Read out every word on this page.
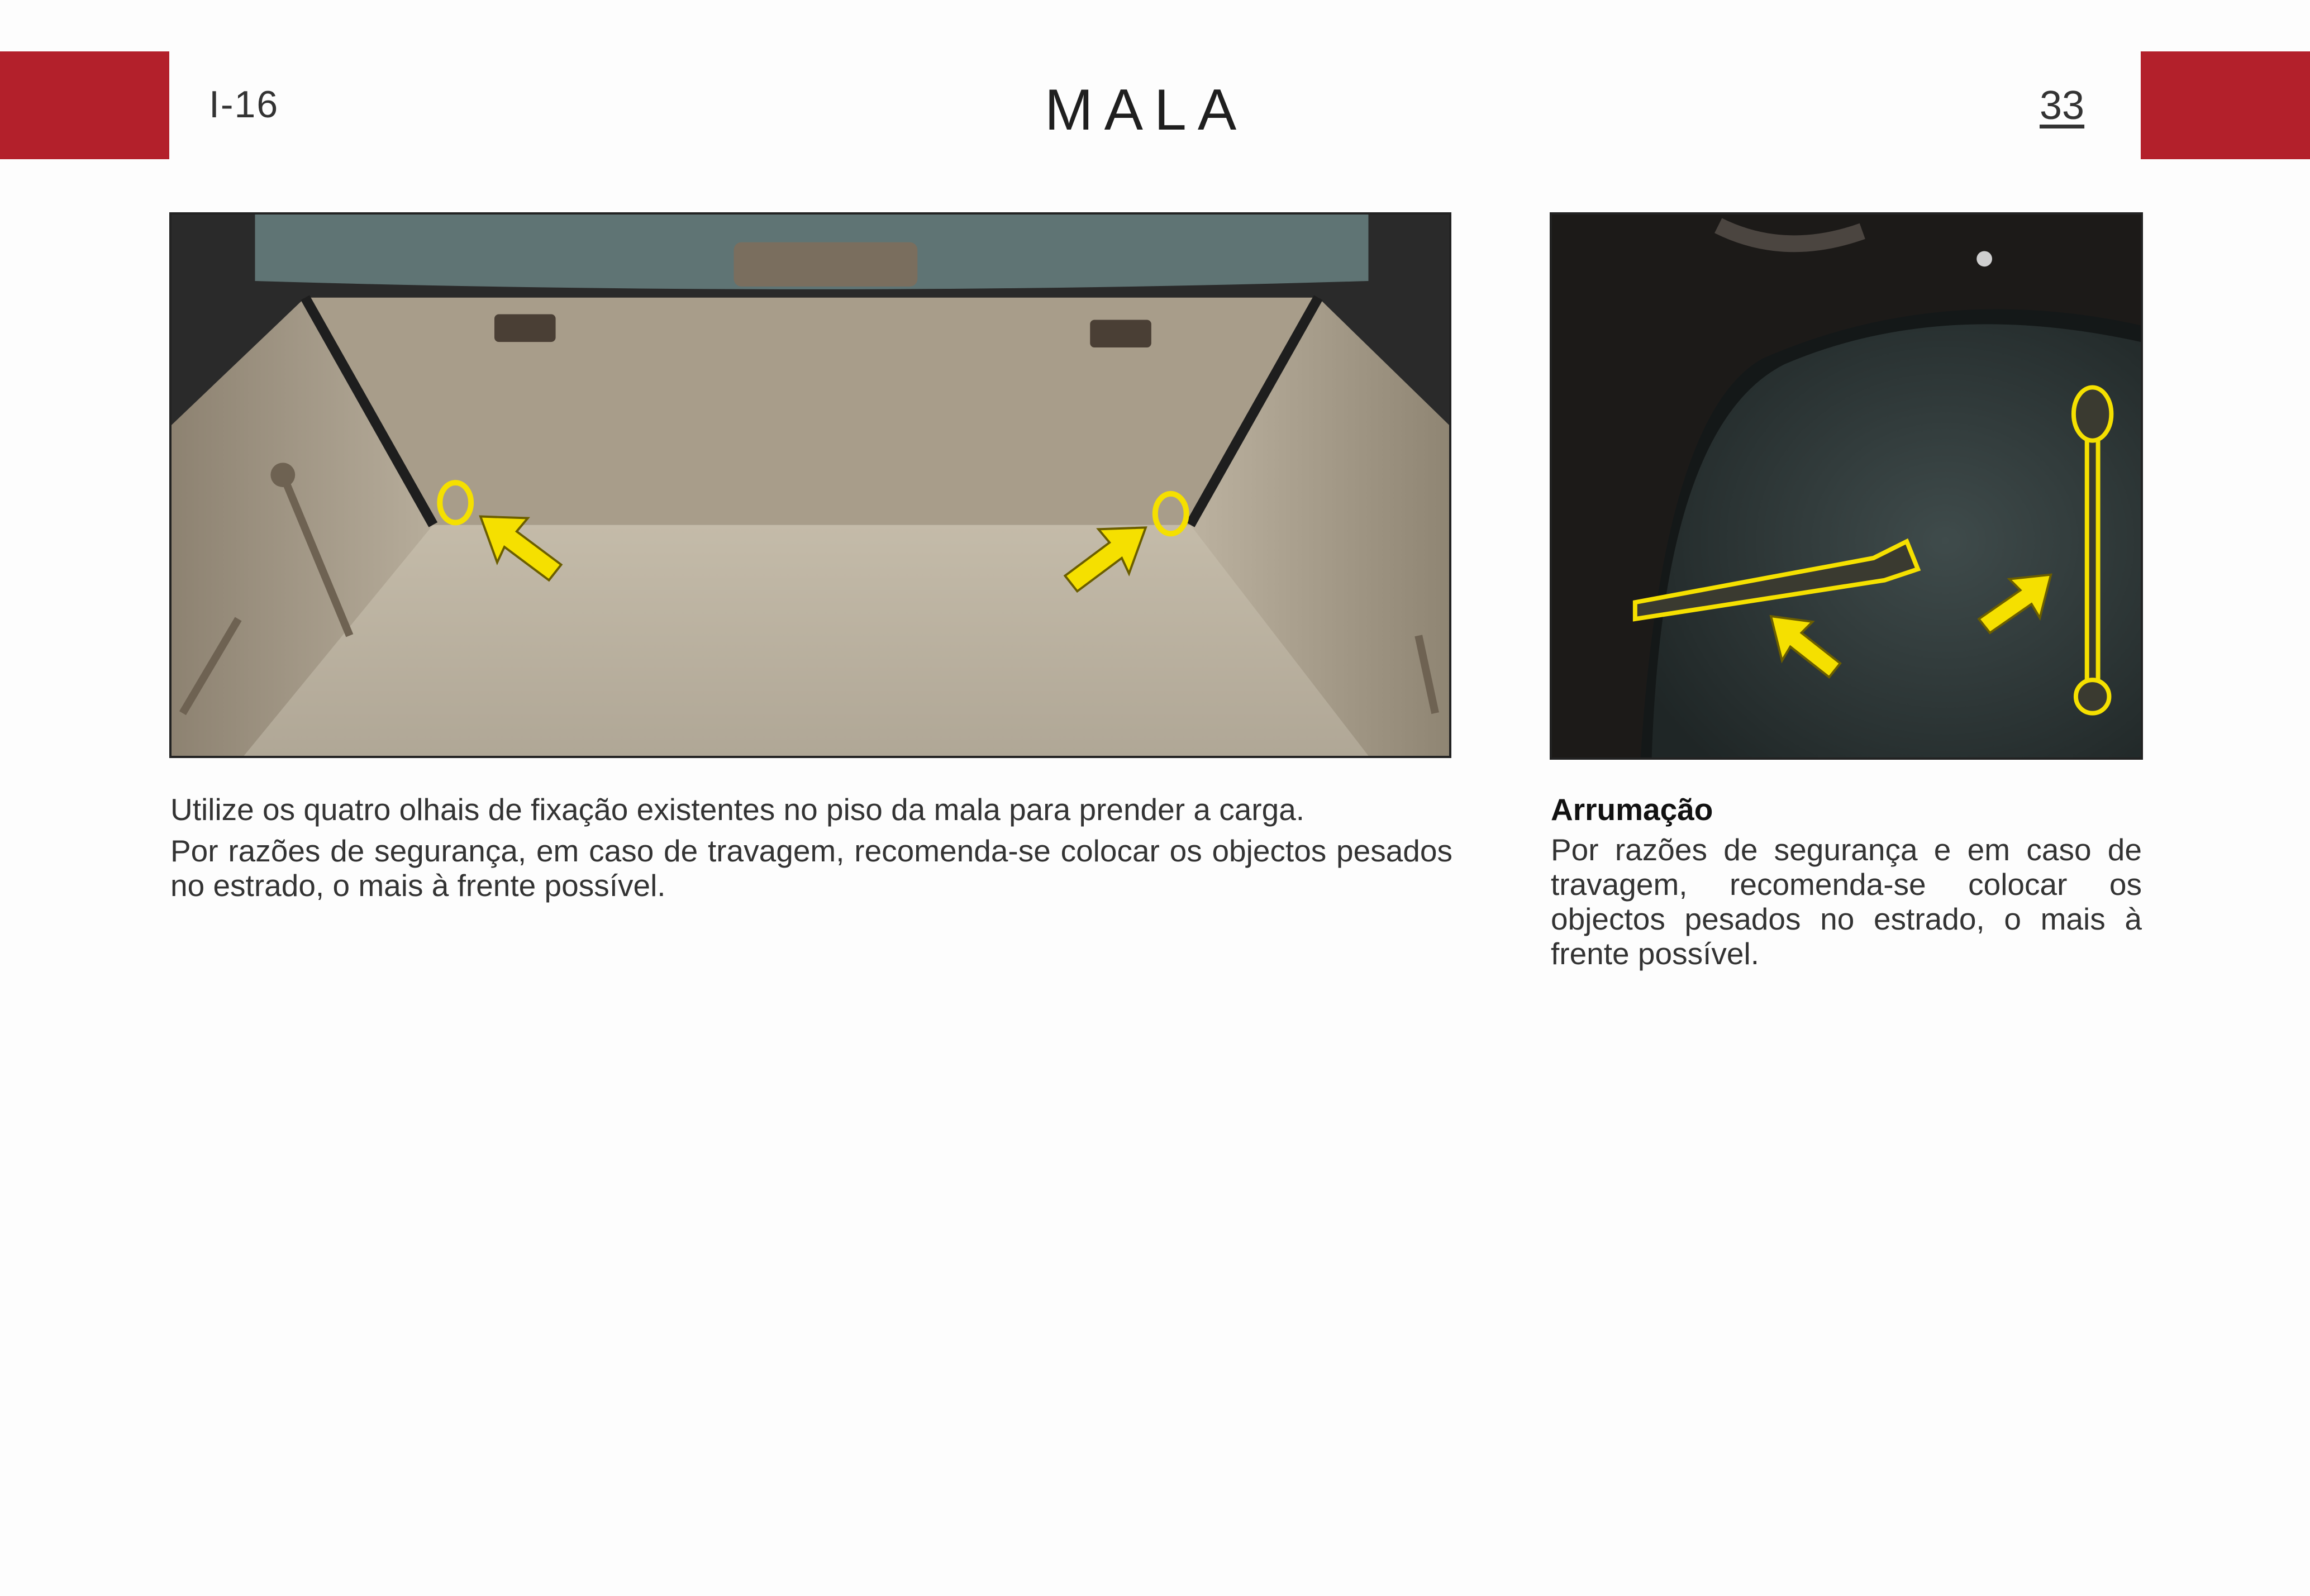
I-16	MALA	33

Utilize os quatro olhais de fixação existentes no piso da mala para prender a carga.

Por razões de segurança, em caso de travagem, recomenda-se colocar os objectos pesados no estrado, o mais à frente possível.

Arrumação

Por razões de segurança e em caso de travagem, recomenda-se colocar os objectos pesados no estrado, o mais à frente possível.
